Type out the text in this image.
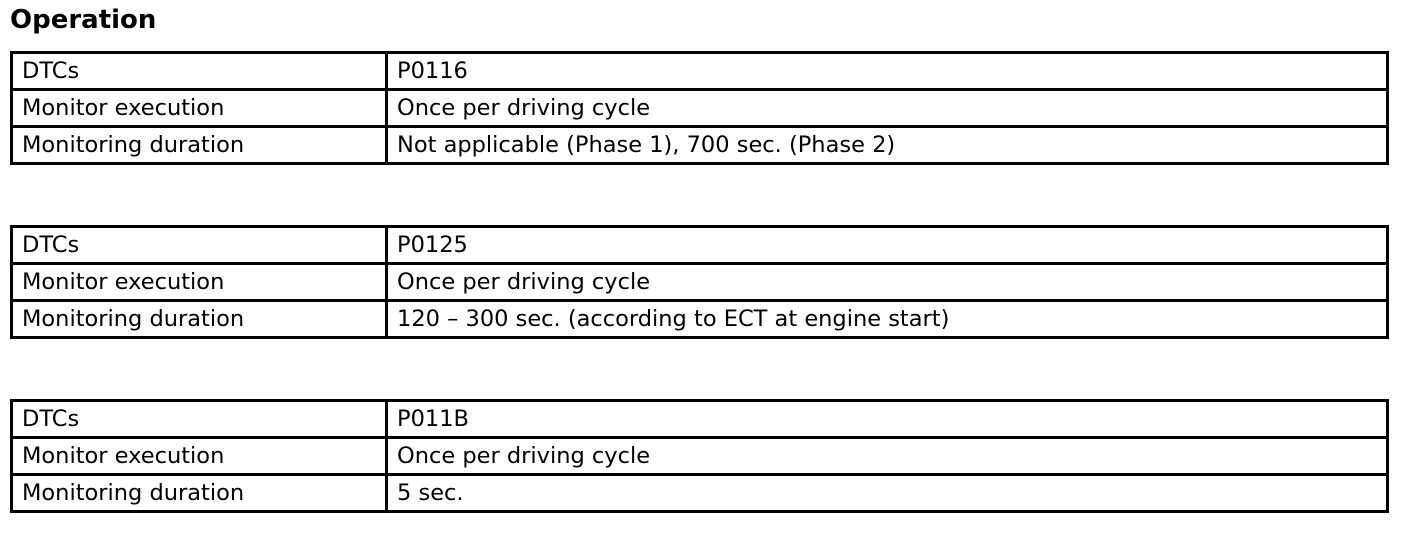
Operation
DTCs	P0116
Monitor execution	Once per driving cycle
Monitoring duration	Not applicable (Phase 1), 700 sec. (Phase 2)
DTCs	P0125
Monitor execution	Once per driving cycle
Monitoring duration	120 – 300 sec. (according to ECT at engine start)
DTCs	P011B
Monitor execution	Once per driving cycle
Monitoring duration	5 sec.
